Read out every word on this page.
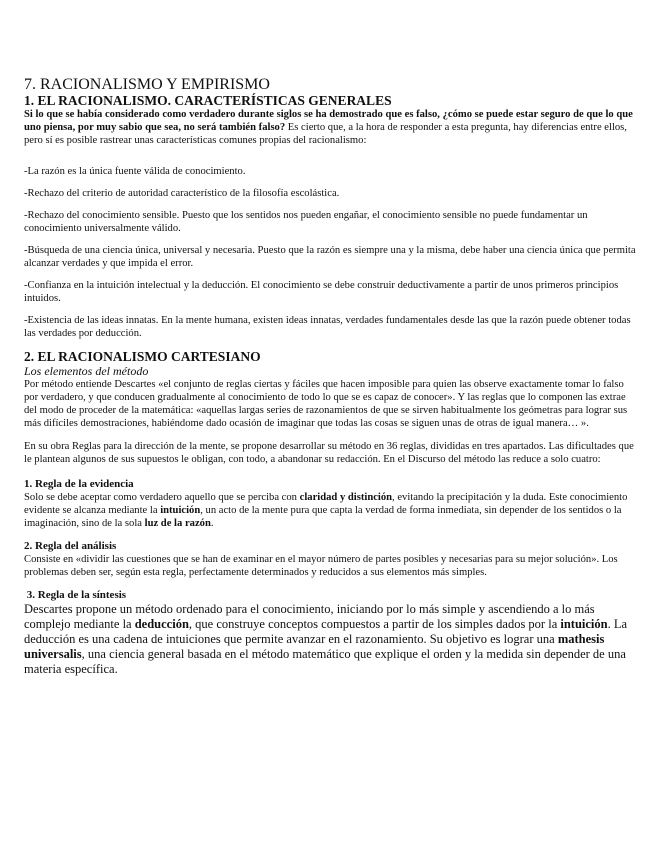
7. RACIONALISMO Y EMPIRISMO
1. EL RACIONALISMO. CARACTERÍSTICAS GENERALES

Si lo que se había considerado como verdadero durante siglos se ha demostrado que es falso, ¿cómo se puede estar seguro de que lo que uno piensa, por muy sabio que sea, no será también falso? Es cierto que, a la hora de responder a esta pregunta, hay diferencias entre ellos, pero sí es posible rastrear unas características comunes propias del racionalismo:

-La razón es la única fuente válida de conocimiento.

-Rechazo del criterio de autoridad característico de la filosofía escolástica.

-Rechazo del conocimiento sensible. Puesto que los sentidos nos pueden engañar, el conocimiento sensible no puede fundamentar un conocimiento universalmente válido.

-Búsqueda de una ciencia única, universal y necesaria. Puesto que la razón es siempre una y la misma, debe haber una ciencia única que permita alcanzar verdades y que impida el error.

-Confianza en la intuición intelectual y la deducción. El conocimiento se debe construir deductivamente a partir de unos primeros principios intuidos.

-Existencia de las ideas innatas. En la mente humana, existen ideas innatas, verdades fundamentales desde las que la razón puede obtener todas las verdades por deducción.

2. EL RACIONALISMO CARTESIANO

Los elementos del método

Por método entiende Descartes «el conjunto de reglas ciertas y fáciles que hacen imposible para quien las observe exactamente tomar lo falso por verdadero, y que conducen gradualmente al conocimiento de todo lo que se es capaz de conocer». Y las reglas que lo componen las extrae del modo de proceder de la matemática: «aquellas largas series de razonamientos de que se sirven habitualmente los geómetras para lograr sus más difíciles demostraciones, habiéndome dado ocasión de imaginar que todas las cosas se siguen unas de otras de igual manera… ».

En su obra Reglas para la dirección de la mente, se propone desarrollar su método en 36 reglas, divididas en tres apartados. Las dificultades que le plantean algunos de sus supuestos le obligan, con todo, a abandonar su redacción. En el Discurso del método las reduce a solo cuatro:

1. Regla de la evidencia

Solo se debe aceptar como verdadero aquello que se perciba con claridad y distinción, evitando la precipitación y la duda. Este conocimiento evidente se alcanza mediante la intuición, un acto de la mente pura que capta la verdad de forma inmediata, sin depender de los sentidos o la imaginación, sino de la sola luz de la razón.

2. Regla del análisis

Consiste en «dividir las cuestiones que se han de examinar en el mayor número de partes posibles y necesarias para su mejor solución». Los problemas deben ser, según esta regla, perfectamente determinados y reducidos a sus elementos más simples.

3. Regla de la síntesis

Descartes propone un método ordenado para el conocimiento, iniciando por lo más simple y ascendiendo a lo más complejo mediante la deducción, que construye conceptos compuestos a partir de los simples dados por la intuición. La deducción es una cadena de intuiciones que permite avanzar en el razonamiento. Su objetivo es lograr una mathesis universalis, una ciencia general basada en el método matemático que explique el orden y la medida sin depender de una materia específica.
